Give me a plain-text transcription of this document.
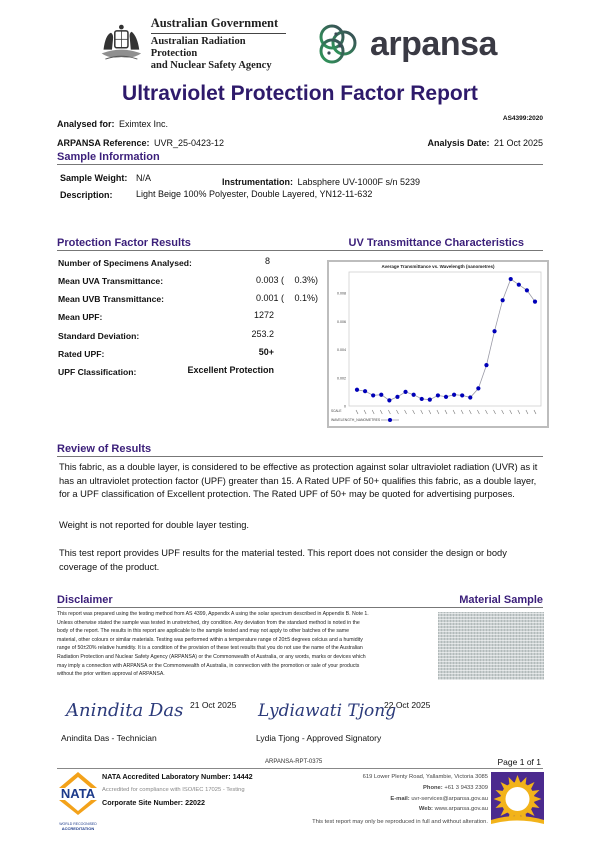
Australian Government
Australian Radiation Protection
and Nuclear Safety Agency
arpansa
Ultraviolet Protection Factor Report
Analysed for: Eximtex Inc.
AS4399:2020
ARPANSA Reference: UVR_25-0423-12	Analysis Date: 21 Oct 2025
Sample Information
Sample Weight: N/A	Instrumentation: Labsphere UV-1000F s/n 5239
Description:	Light Beige 100% Polyester, Double Layered, YN12-11-632
Protection Factor Results	UV Transmittance Characteristics
Number of Specimens Analysed:	8
Mean UVA Transmittance:	0.003 ( 0.3%)
Mean UVB Transmittance:	0.001 ( 0.1%)
Mean UPF:	1272
Standard Deviation:	253.2
Rated UPF:	50+
UPF Classification:	Excellent Protection
Average Transmittance vs. Wavelength (nanometres)
0
0.002
0.004
0.006
0.008
SCALE
WAVELENGTH_NANOMETRES
Review of Results
This fabric, as a double layer, is considered to be effective as protection against solar ultraviolet radiation (UVR) as it has an ultraviolet protection factor (UPF) greater than 15. A Rated UPF of 50+ qualifies this fabric, as a double layer, for a UPF classification of Excellent protection. The Rated UPF of 50+ may be quoted for advertising purposes.
Weight is not reported for double layer testing.
This test report provides UPF results for the material tested. This report does not consider the design or body coverage of the product.
Disclaimer	Material Sample
This report was prepared using the testing method from AS 4399, Appendix A using the solar spectrum described in Appendix B. Note 1. Unless otherwise stated the sample was tested in unstretched, dry condition. Any deviation from the standard method is noted in the body of the report. The results in this report are applicable to the sample tested and may not apply to other batches of the same material, other colours or similar materials. Testing was performed within a temperature range of 20±5 degrees celcius and a humidity range of 50±20% relative humidity. It is a condition of the provision of these test results that you do not use the name of the Australian Radiation Protection and Nuclear Safety Agency (ARPANSA) or the Commonwealth of Australia, or any words, marks or devices which may imply a connection with ARPANSA or the Commonwealth of Australia, in connection with the promotion or sale of your products without the prior written approval of ARPANSA.
Anindita Das 21 Oct 2025
Anindita Das - Technician
Lydiawati Tjong
22 Oct 2025
Lydia Tjong - Approved Signatory
ARPANSA-RPT-0375	Page 1 of 1
NATA
WORLD RECOGNISED
ACCREDITATION
NATA Accredited Laboratory Number: 14442
Accredited for compliance with ISO/IEC 17025 - Testing
Corporate Site Number: 22022
619 Lower Plenty Road, Yallambie, Victoria 3085
Phone: +61 3 9433 2309
E-mail: uvr-services@arpansa.gov.au
Web: www.arpansa.gov.au
This test report may only be reproduced in full and without alteration.
